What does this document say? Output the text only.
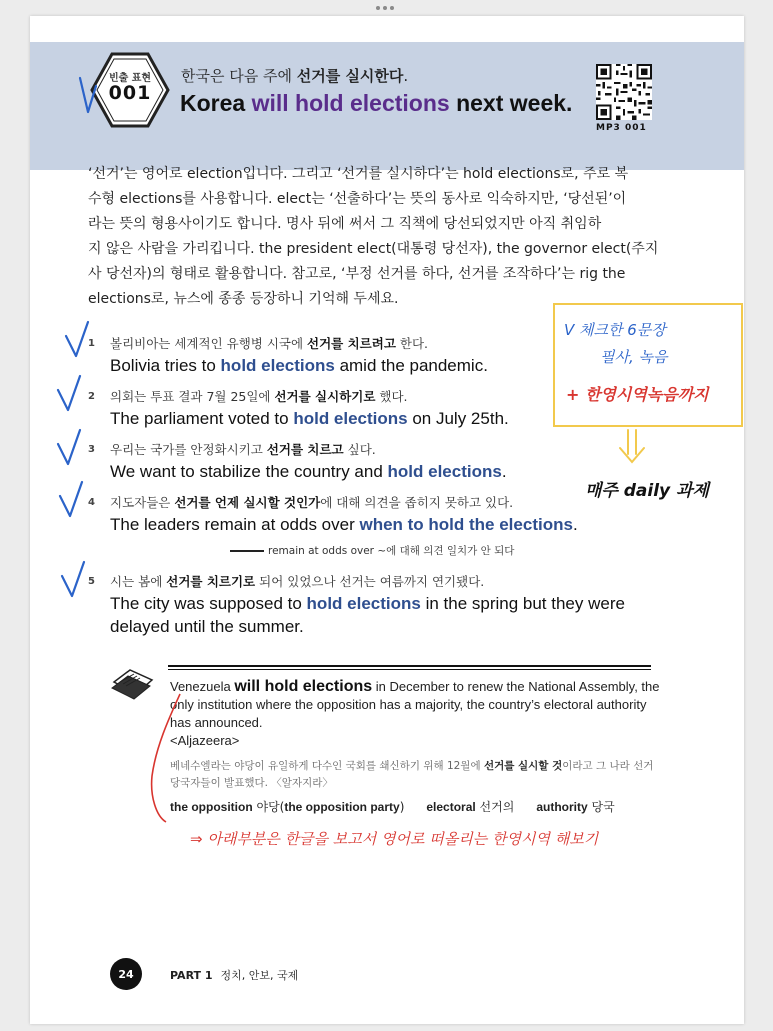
빈출 표현
001
한국은 다음 주에 선거를 실시한다.
Korea will hold elections next week.
MP3 001

‘선거’는 영어로 election입니다. 그리고 ‘선거를 실시하다’는 hold elections로, 주로 복

수형 elections를 사용합니다. elect는 ‘선출하다’는 뜻의 동사로 익숙하지만, ‘당선된’이

라는 뜻의 형용사이기도 합니다. 명사 뒤에 써서 그 직책에 당선되었지만 아직 취임하

지 않은 사람을 가리킵니다. the president elect(대통령 당선자), the governor elect(주지

사 당선자)의 형태로 활용합니다. 참고로, ‘부정 선거를 하다, 선거를 조작하다’는 rig the

elections로, 뉴스에 종종 등장하니 기억해 두세요.

1 볼리비아는 세계적인 유행병 시국에 선거를 치르려고 한다.
Bolivia tries to hold elections amid the pandemic.
2 의회는 투표 결과 7월 25일에 선거를 실시하기로 했다.
The parliament voted to hold elections on July 25th.
3 우리는 국가를 안정화시키고 선거를 치르고 싶다.
We want to stabilize the country and hold elections.
4 지도자들은 선거를 언제 실시할 것인가에 대해 의견을 좁히지 못하고 있다.
The leaders remain at odds over when to hold the elections.
remain at odds over ~에 대해 의견 일치가 안 되다
5 시는 봄에 선거를 치르기로 되어 있었으나 선거는 여름까지 연기됐다.
The city was supposed to hold elections in the spring but they were
delayed until the summer.
Venezuela will hold elections in December to renew the National Assembly, the only institution where the opposition has a majority, the country’s electoral authority has announced.
<Aljazeera>
베네수엘라는 야당이 유일하게 다수인 국회를 쇄신하기 위해 12월에 선거를 실시할 것이라고 그 나라 선거 당국자들이 발표했다. 〈알자지라〉
the opposition 야당(the opposition party) electoral 선거의 authority 당국
24	PART 1 정치, 안보, 국제
V 체크한 6문장
필사, 녹음
+ 한영시역녹음까지
매주 daily 과제
⇒ 아래부분은 한글을 보고서 영어로 떠올리는 한영시역 해보기
